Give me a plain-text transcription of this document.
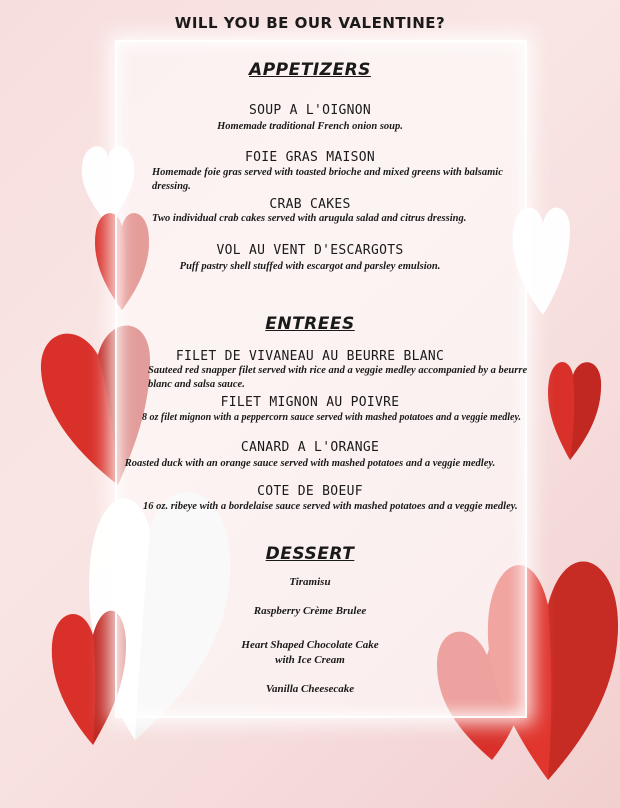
WILL YOU BE OUR VALENTINE?
APPETIZERS
SOUP A L'OIGNON
Homemade traditional French onion soup.
FOIE GRAS MAISON
Homemade foie gras served with toasted brioche and mixed greens with balsamic dressing.
CRAB CAKES
Two individual crab cakes served with arugula salad and citrus dressing.
VOL AU VENT D'ESCARGOTS
Puff pastry shell stuffed with escargot and parsley emulsion.
ENTREES
FILET DE VIVANEAU AU BEURRE BLANC
Sauteed red snapper filet served with rice and a veggie medley accompanied by a beurre blanc and salsa sauce.
FILET MIGNON AU POIVRE
8 oz filet mignon with a peppercorn sauce served with mashed potatoes and a veggie medley.
CANARD A L'ORANGE
Roasted duck with an orange sauce served with mashed potatoes and a veggie medley.
COTE DE BOEUF
16 oz. ribeye with a bordelaise sauce served with mashed potatoes and a veggie medley.
DESSERT
Tiramisu
Raspberry Crème Brulee
Heart Shaped Chocolate Cake
with Ice Cream
Vanilla Cheesecake
